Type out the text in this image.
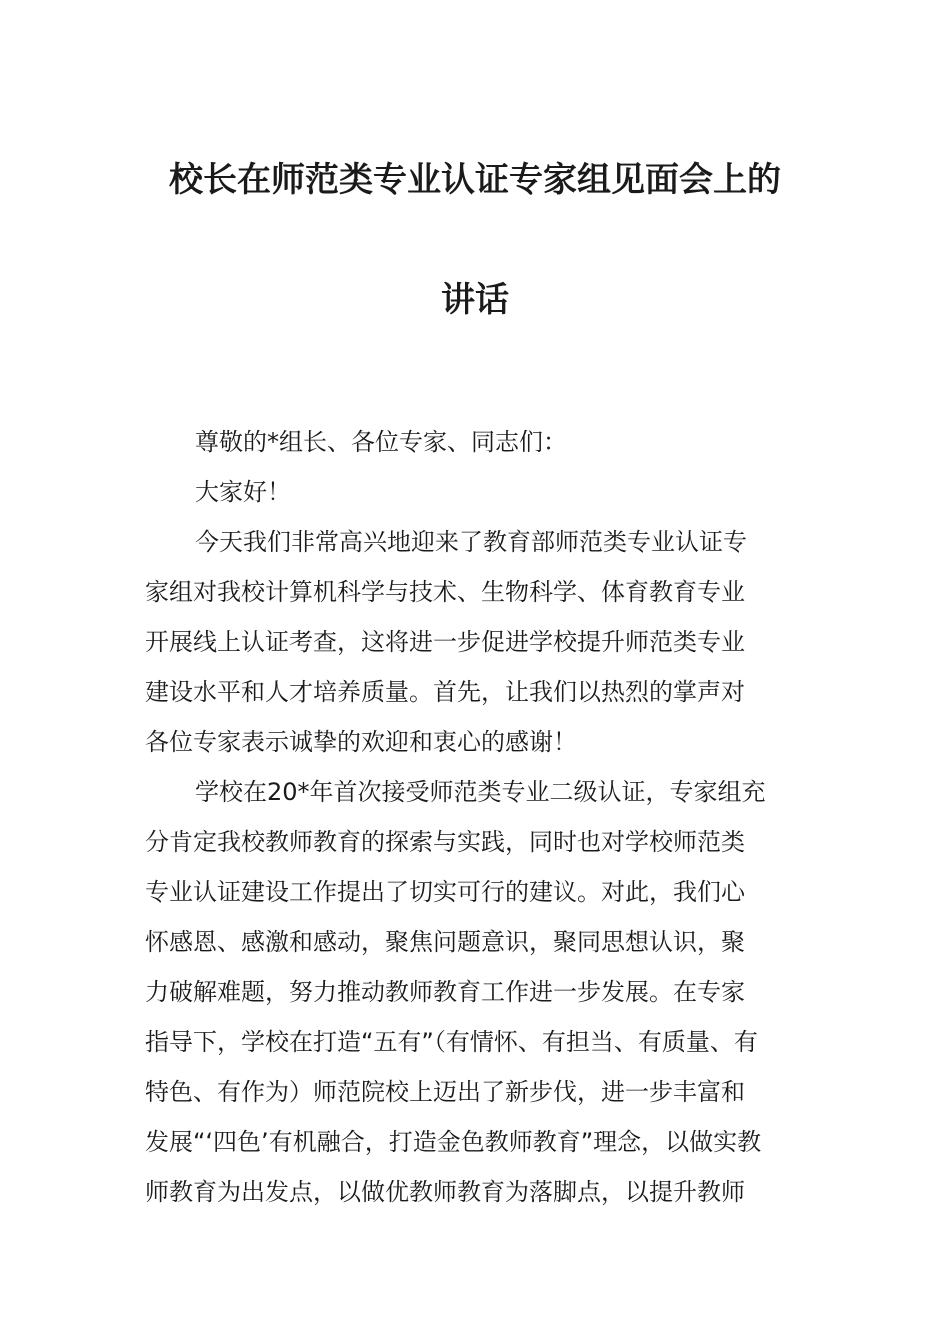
校长在师范类专业认证专家组见面会上的
讲话
尊敬的*组长、各位专家、同志们：
大家好！
今天我们非常高兴地迎来了教育部师范类专业认证专
家组对我校计算机科学与技术、生物科学、体育教育专业
开展线上认证考查，这将进一步促进学校提升师范类专业
建设水平和人才培养质量。首先，让我们以热烈的掌声对
各位专家表示诚挚的欢迎和衷心的感谢！
学校在20*年首次接受师范类专业二级认证，专家组充
分肯定我校教师教育的探索与实践，同时也对学校师范类
专业认证建设工作提出了切实可行的建议。对此，我们心
怀感恩、感激和感动，聚焦问题意识，聚同思想认识，聚
力破解难题，努力推动教师教育工作进一步发展。在专家
指导下，学校在打造“五有”（有情怀、有担当、有质量、有
特色、有作为）师范院校上迈出了新步伐，进一步丰富和
发展“‘四色’有机融合，打造金色教师教育”理念，以做实教
师教育为出发点，以做优教师教育为落脚点，以提升教师
